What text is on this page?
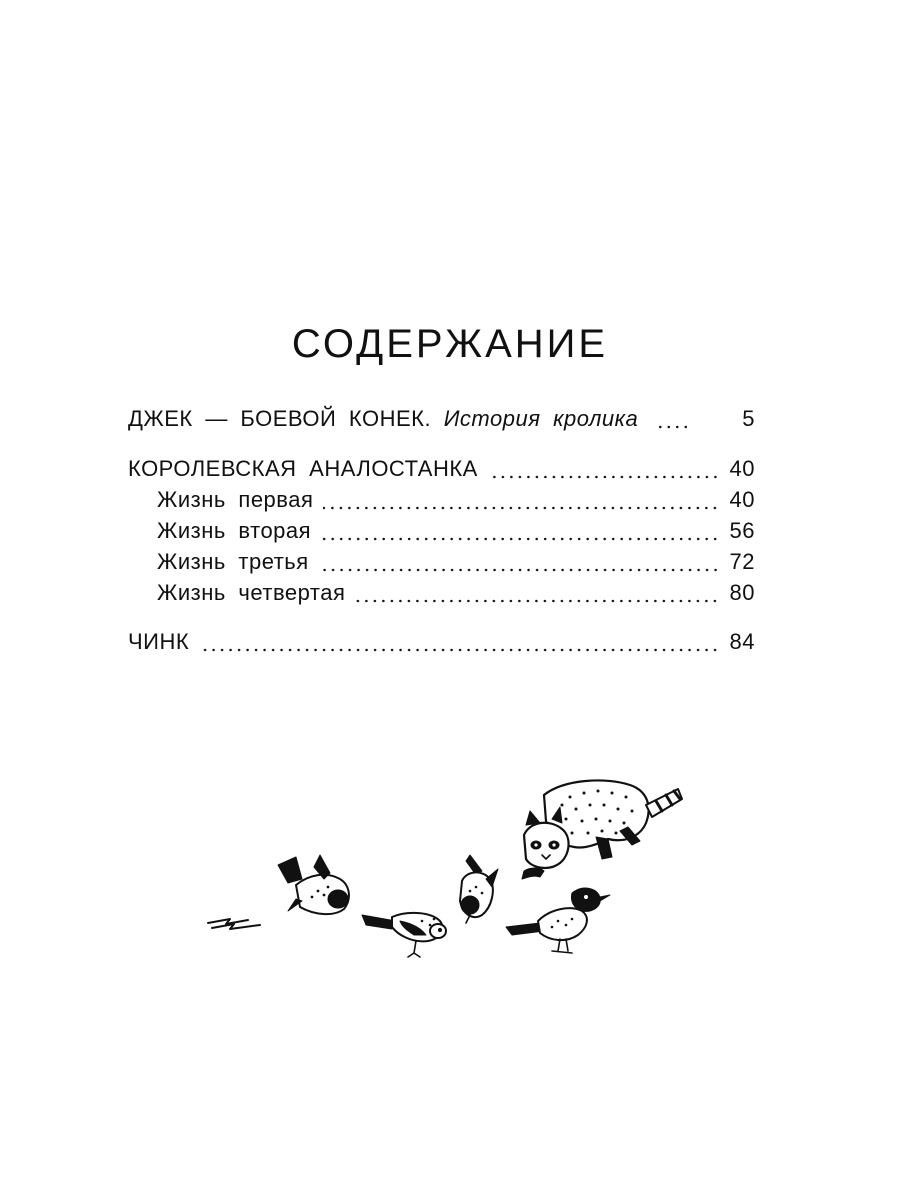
СОДЕРЖАНИЕ
ДЖЕК — БОЕВОЙ КОНЕК. История кролика	5
КОРОЛЕВСКАЯ АНАЛОСТАНКА	40
Жизнь первая	40
Жизнь вторая	56
Жизнь третья	72
Жизнь четвертая	80
ЧИНК	84
